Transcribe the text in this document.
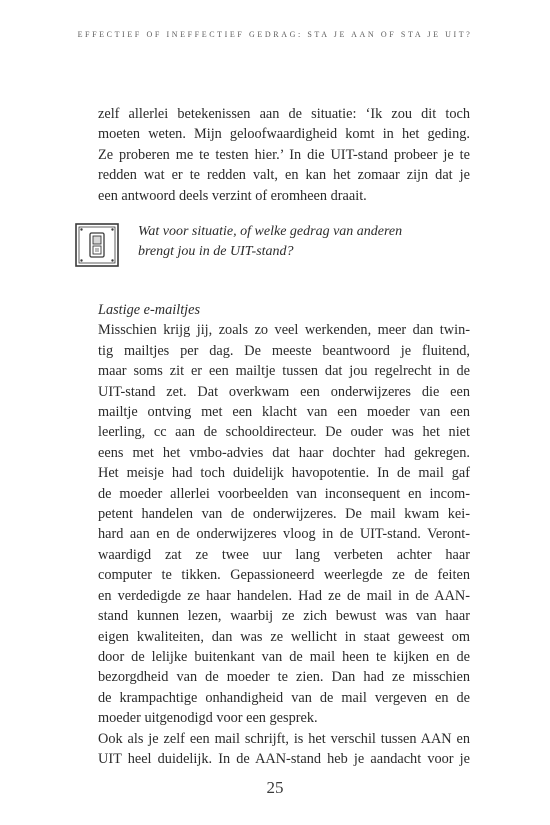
EFFECTIEF OF INEFFECTIEF GEDRAG: STA JE AAN OF STA JE UIT?
zelf allerlei betekenissen aan de situatie: ‘Ik zou dit toch
moeten weten. Mijn geloofwaardigheid komt in het geding.
Ze proberen me te testen hier.’ In die UIT-stand probeer je te
redden wat er te redden valt, en kan het zomaar zijn dat je
een antwoord deels verzint of eromheen draait.
Wat voor situatie, of welke gedrag van anderen
brengt jou in de UIT-stand?
Lastige e-mailtjes
Misschien krijg jij, zoals zo veel werkenden, meer dan twin-
tig mailtjes per dag. De meeste beantwoord je fluitend,
maar soms zit er een mailtje tussen dat jou regelrecht in de
UIT-stand zet. Dat overkwam een onderwijzeres die een
mailtje ontving met een klacht van een moeder van een
leerling, cc aan de schooldirecteur. De ouder was het niet
eens met het vmbo-advies dat haar dochter had gekregen.
Het meisje had toch duidelijk havopotentie. In de mail gaf
de moeder allerlei voorbeelden van inconsequent en incom-
petent handelen van de onderwijzeres. De mail kwam kei-
hard aan en de onderwijzeres vloog in de UIT-stand. Veront-
waardigd zat ze twee uur lang verbeten achter haar
computer te tikken. Gepassioneerd weerlegde ze de feiten
en verdedigde ze haar handelen. Had ze de mail in de AAN-
stand kunnen lezen, waarbij ze zich bewust was van haar
eigen kwaliteiten, dan was ze wellicht in staat geweest om
door de lelijke buitenkant van de mail heen te kijken en de
bezorgdheid van de moeder te zien. Dan had ze misschien
de krampachtige onhandigheid van de mail vergeven en de
moeder uitgenodigd voor een gesprek.
Ook als je zelf een mail schrijft, is het verschil tussen AAN en
UIT heel duidelijk. In de AAN-stand heb je aandacht voor je
25
